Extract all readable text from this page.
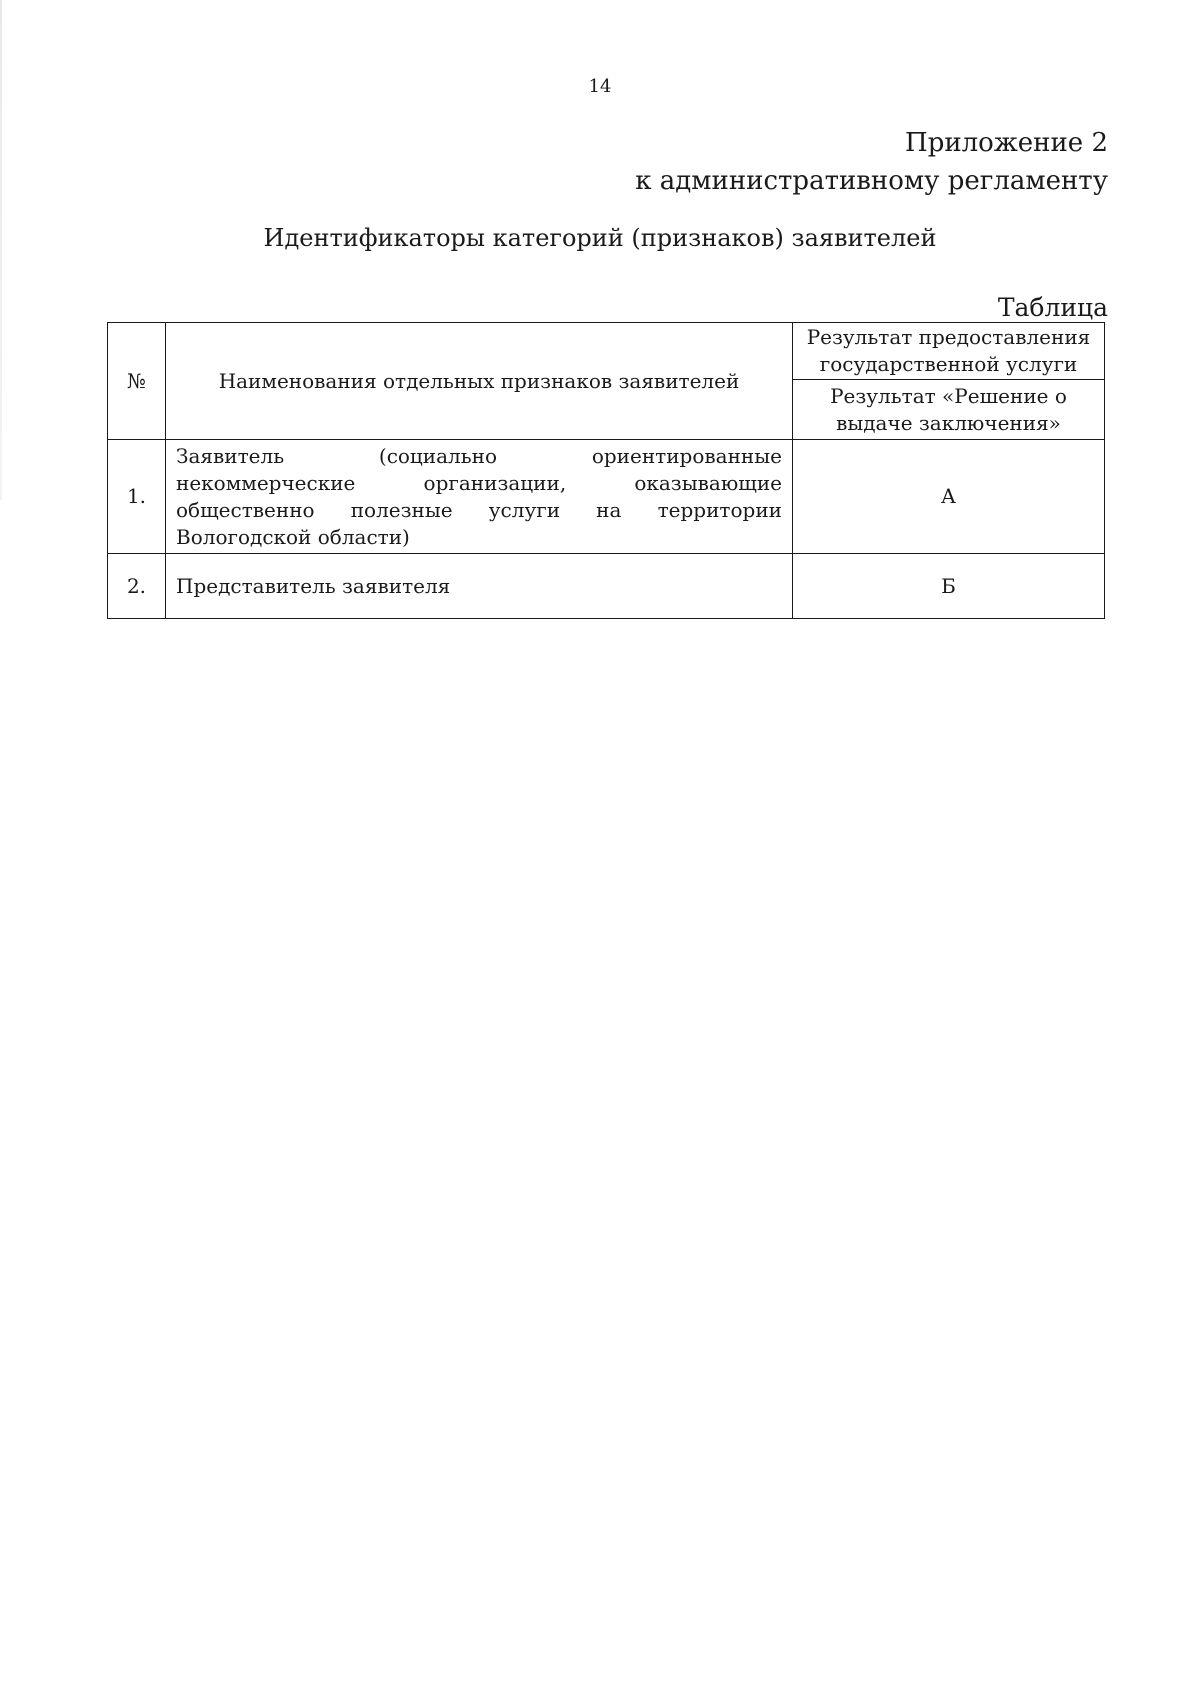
14
Приложение 2
к административному регламенту
Идентификаторы категорий (признаков) заявителей
Таблица
№	Наименования отдельных признаков заявителей	Результат предоставления государственной услуги
		Результат «Решение о выдаче заключения»
1.	Заявитель (социально ориентированные некоммерческие организации, оказывающие общественно полезные услуги на территории Вологодской области)	А
2.	Представитель заявителя	Б
